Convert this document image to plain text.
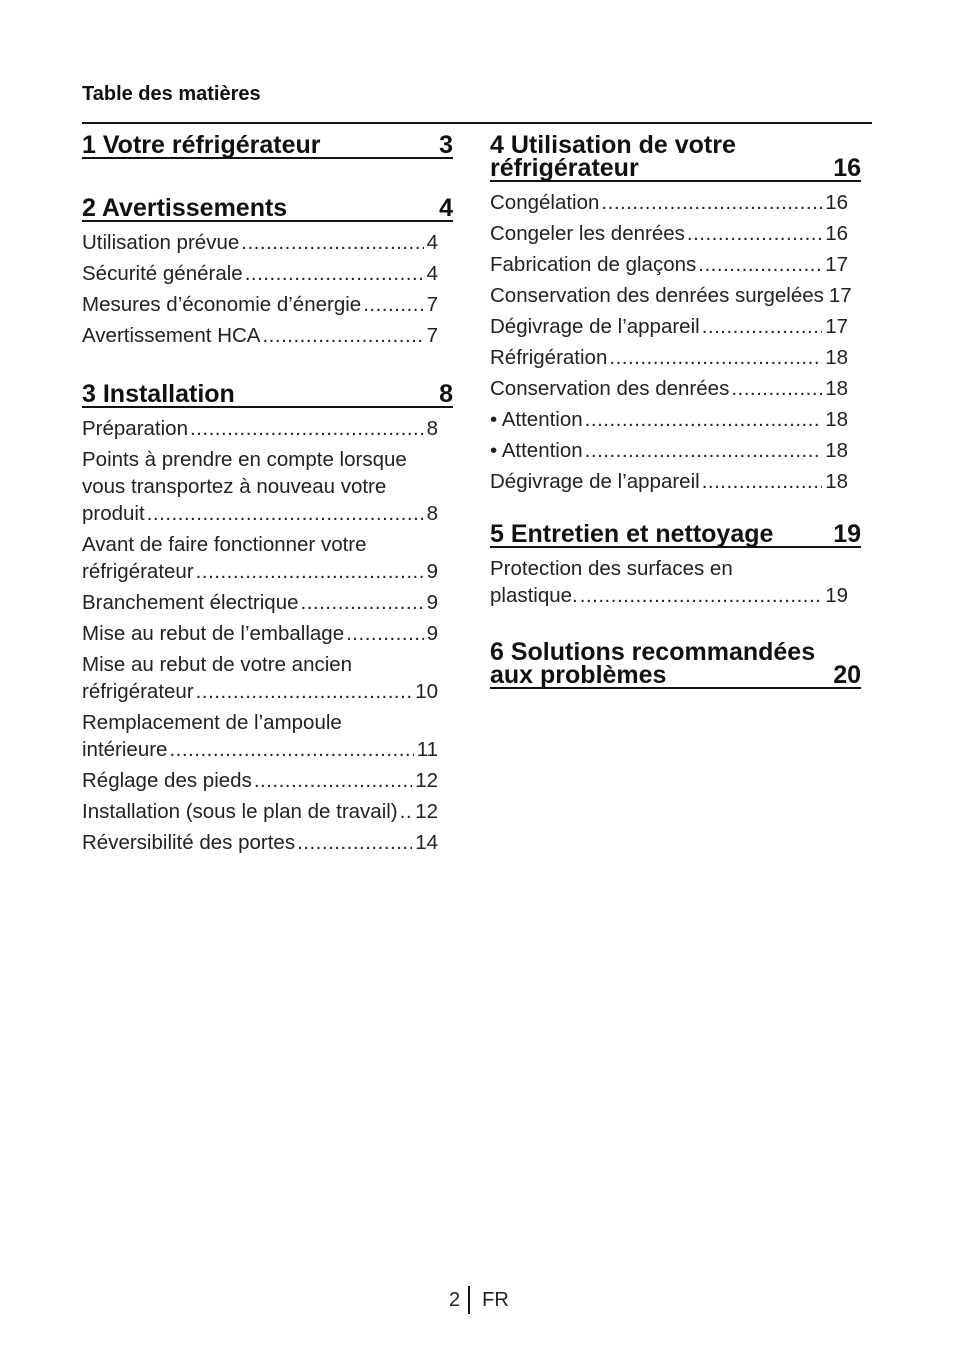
Table des matières
1 Votre réfrigérateur	3
2 Avertissements	4
Utilisation prévue .....	4
Sécurité générale .....	4
Mesures d’économie d’énergie .....	7
Avertissement HCA .....	7
3 Installation	8
Préparation .....	8
Points à prendre en compte lorsque vous transportez à nouveau votre
produit .....	8
Avant de faire fonctionner votre
réfrigérateur .....	9
Branchement électrique .....	9
Mise au rebut de l’emballage .....	9
Mise au rebut de votre ancien
réfrigérateur .....	10
Remplacement de l’ampoule
intérieure .....	11
Réglage des pieds .....	12
Installation (sous le plan de travail) ..... 12
Réversibilité des portes .....	14
4 Utilisation de votre réfrigérateur	16
Congélation .....	16
Congeler les denrées .....	16
Fabrication de glaçons .....	17
Conservation des denrées surgelées 17
Dégivrage de l’appareil .....	17
Réfrigération .....	18
Conservation des denrées .....	18
• Attention .....	18
• Attention .....	18
Dégivrage de l’appareil .....	18
5 Entretien et nettoyage 19
Protection des surfaces en
plastique. .....	19
6 Solutions recommandées aux problèmes	20
2	FR
